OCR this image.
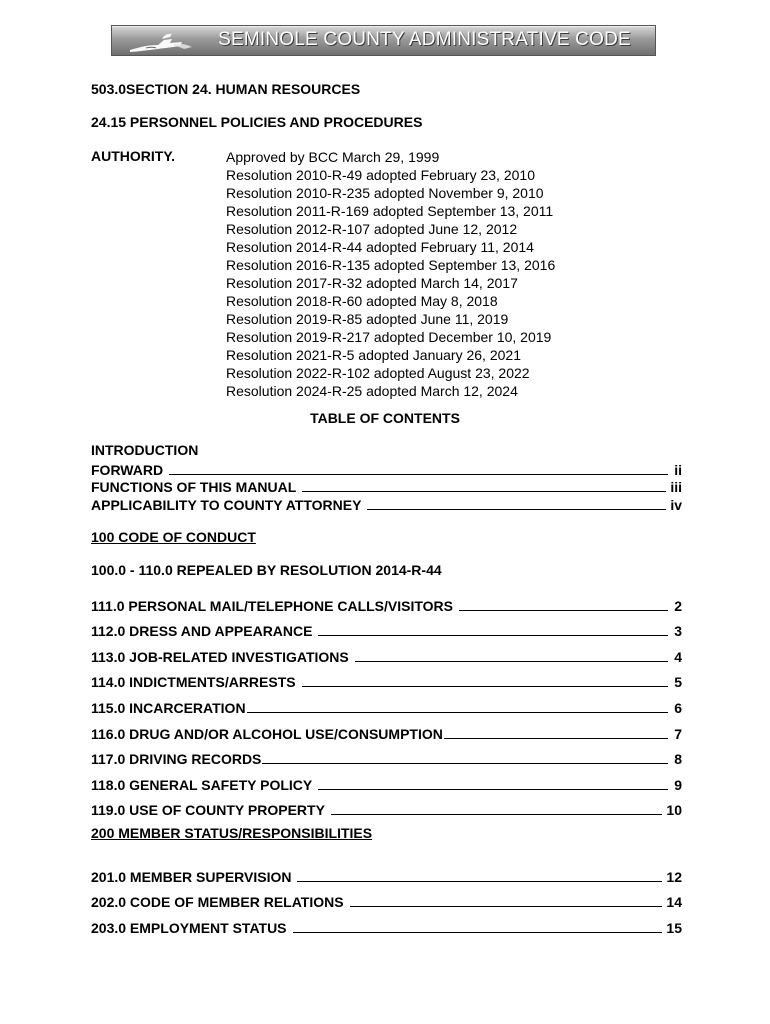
SEMINOLE COUNTY ADMINISTRATIVE CODE
503.0SECTION 24. HUMAN RESOURCES
24.15 PERSONNEL POLICIES AND PROCEDURES
AUTHORITY.	Approved by BCC March 29, 1999
Resolution 2010-R-49 adopted February 23, 2010
Resolution 2010-R-235 adopted November 9, 2010
Resolution 2011-R-169 adopted September 13, 2011
Resolution 2012-R-107 adopted June 12, 2012
Resolution 2014-R-44 adopted February 11, 2014
Resolution 2016-R-135 adopted September 13, 2016
Resolution 2017-R-32 adopted March 14, 2017
Resolution 2018-R-60 adopted May 8, 2018
Resolution 2019-R-85 adopted June 11, 2019
Resolution 2019-R-217 adopted December 10, 2019
Resolution 2021-R-5 adopted January 26, 2021
Resolution 2022-R-102 adopted August 23, 2022
Resolution 2024-R-25 adopted March 12, 2024
TABLE OF CONTENTS
INTRODUCTION
FORWARD	ii
FUNCTIONS OF THIS MANUAL	iii
APPLICABILITY TO COUNTY ATTORNEY	iv
100 CODE OF CONDUCT
100.0 - 110.0 REPEALED BY RESOLUTION 2014-R-44
111.0 PERSONAL MAIL/TELEPHONE CALLS/VISITORS	2
112.0 DRESS AND APPEARANCE	3
113.0 JOB-RELATED INVESTIGATIONS	4
114.0 INDICTMENTS/ARRESTS	5
115.0 INCARCERATION	6
116.0 DRUG AND/OR ALCOHOL USE/CONSUMPTION	7
117.0 DRIVING RECORDS	8
118.0 GENERAL SAFETY POLICY	9
119.0 USE OF COUNTY PROPERTY	10
200 MEMBER STATUS/RESPONSIBILITIES
201.0 MEMBER SUPERVISION	12
202.0 CODE OF MEMBER RELATIONS	14
203.0 EMPLOYMENT STATUS	15
